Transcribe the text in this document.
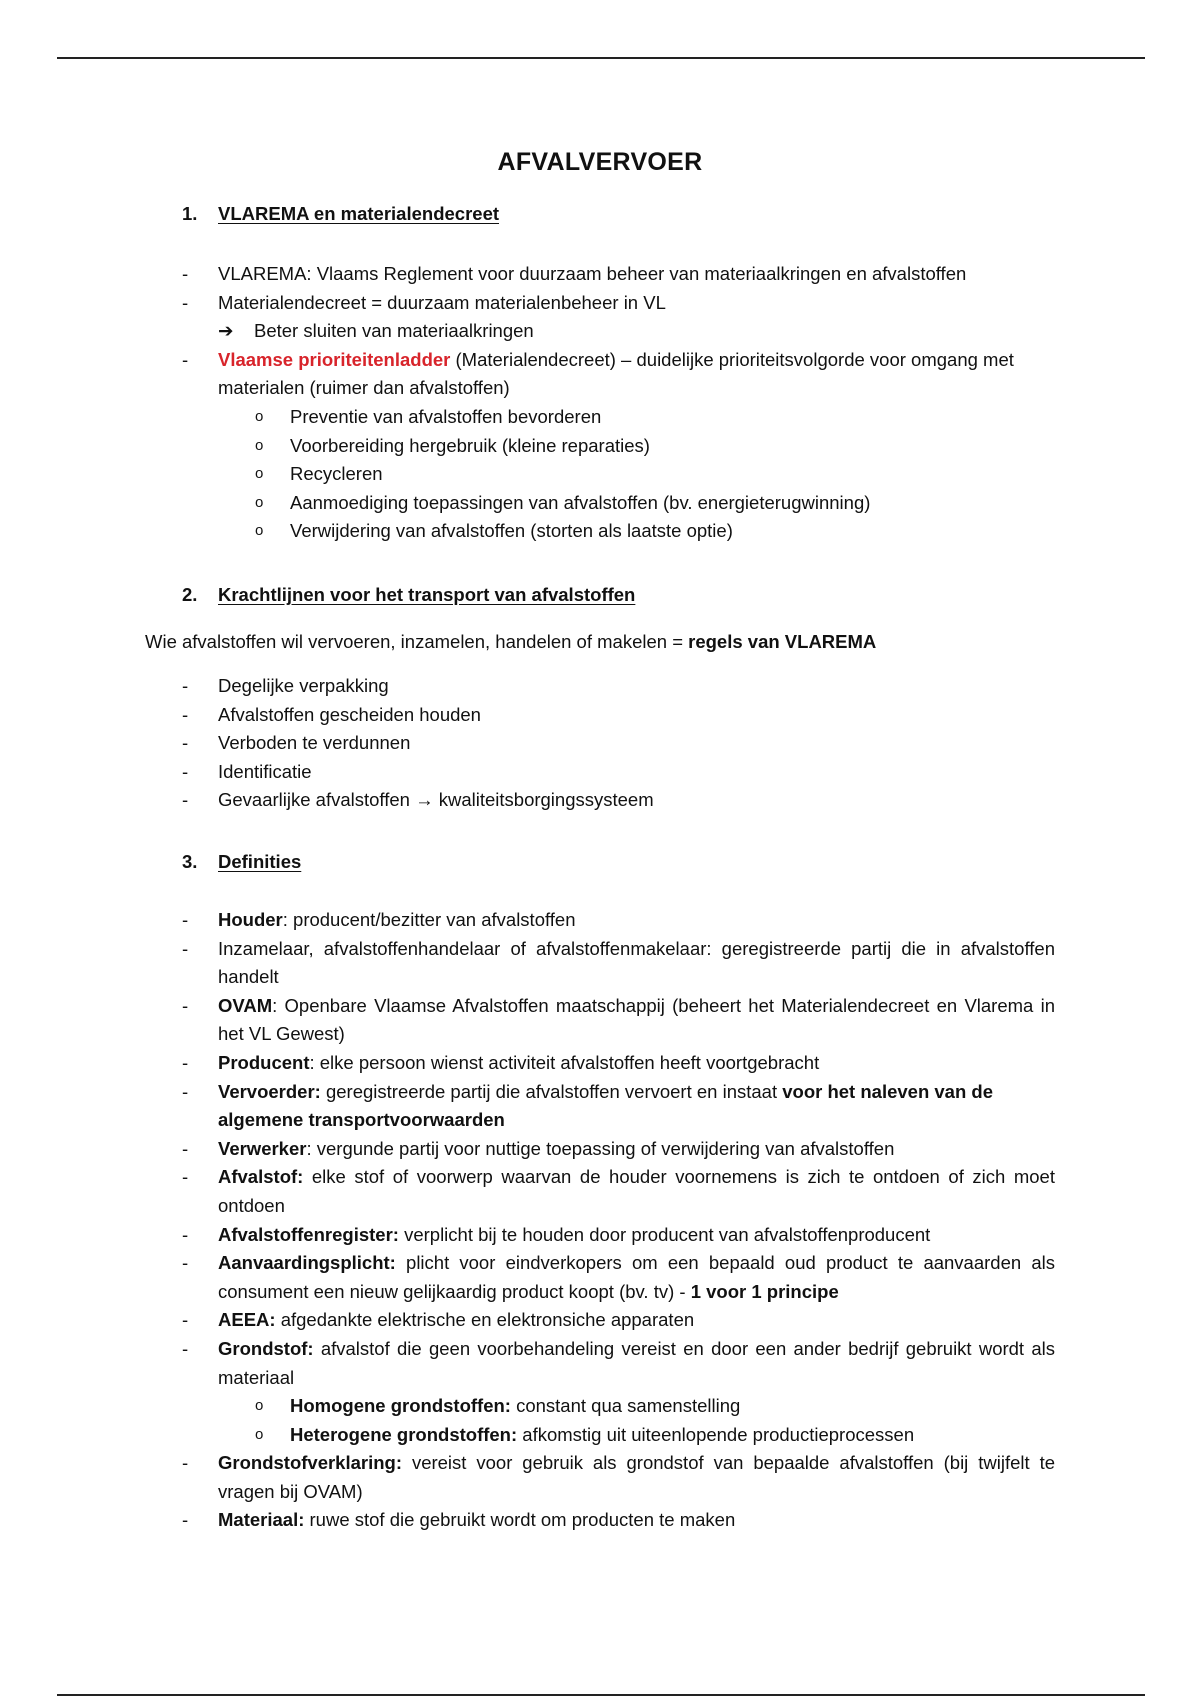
AFVALVERVOER
1. VLAREMA en materialendecreet
- VLAREMA: Vlaams Reglement voor duurzaam beheer van materiaalkringen en afvalstoffen
- Materialendecreet = duurzaam materialenbeheer in VL
➔ Beter sluiten van materiaalkringen
- Vlaamse prioriteitenladder (Materialendecreet) – duidelijke prioriteitsvolgorde voor omgang met materialen (ruimer dan afvalstoffen)
o Preventie van afvalstoffen bevorderen
o Voorbereiding hergebruik (kleine reparaties)
o Recycleren
o Aanmoediging toepassingen van afvalstoffen (bv. energieterugwinning)
o Verwijdering van afvalstoffen (storten als laatste optie)
2. Krachtlijnen voor het transport van afvalstoffen
Wie afvalstoffen wil vervoeren, inzamelen, handelen of makelen = regels van VLAREMA
- Degelijke verpakking
- Afvalstoffen gescheiden houden
- Verboden te verdunnen
- Identificatie
- Gevaarlijke afvalstoffen → kwaliteitsborgingssysteem
3. Definities
- Houder: producent/bezitter van afvalstoffen
- Inzamelaar, afvalstoffenhandelaar of afvalstoffenmakelaar: geregistreerde partij die in afvalstoffen handelt
- OVAM: Openbare Vlaamse Afvalstoffen maatschappij (beheert het Materialendecreet en Vlarema in het VL Gewest)
- Producent: elke persoon wienst activiteit afvalstoffen heeft voortgebracht
- Vervoerder: geregistreerde partij die afvalstoffen vervoert en instaat voor het naleven van de algemene transportvoorwaarden
- Verwerker: vergunde partij voor nuttige toepassing of verwijdering van afvalstoffen
- Afvalstof: elke stof of voorwerp waarvan de houder voornemens is zich te ontdoen of zich moet ontdoen
- Afvalstoffenregister: verplicht bij te houden door producent van afvalstoffenproducent
- Aanvaardingsplicht: plicht voor eindverkopers om een bepaald oud product te aanvaarden als consument een nieuw gelijkaardig product koopt (bv. tv) - 1 voor 1 principe
- AEEA: afgedankte elektrische en elektronsiche apparaten
- Grondstof: afvalstof die geen voorbehandeling vereist en door een ander bedrijf gebruikt wordt als materiaal
o Homogene grondstoffen: constant qua samenstelling
o Heterogene grondstoffen: afkomstig uit uiteenlopende productieprocessen
- Grondstofverklaring: vereist voor gebruik als grondstof van bepaalde afvalstoffen (bij twijfelt te vragen bij OVAM)
- Materiaal: ruwe stof die gebruikt wordt om producten te maken
